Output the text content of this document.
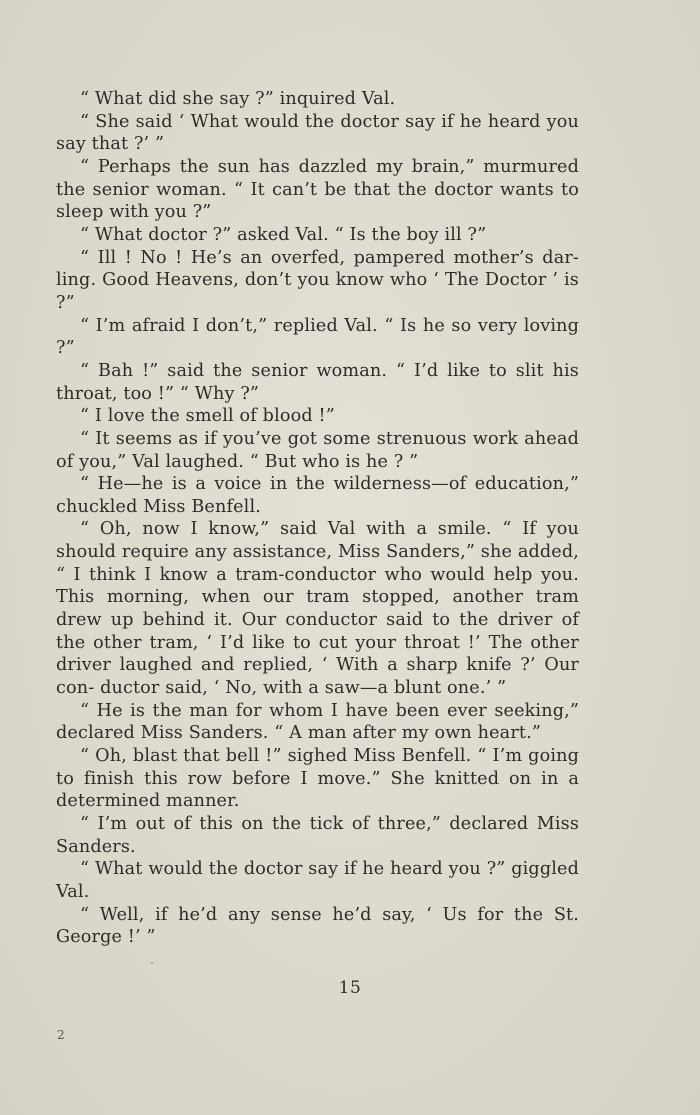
“ What did she say ?” inquired Val.

“ She said ‘ What would the doctor say if he heard you say that ?’ ”

“ Perhaps the sun has dazzled my brain,” murmured the senior woman. “ It can’t be that the doctor wants to sleep with you ?”

“ What doctor ?” asked Val. “ Is the boy ill ?”

“ Ill ! No ! He’s an overfed, pampered mother’s dar- ling. Good Heavens, don’t you know who ‘ The Doctor ’ is ?”

“ I’m afraid I don’t,” replied Val. “ Is he so very loving ?”

“ Bah !” said the senior woman. “ I’d like to slit his throat, too !” “ Why ?”

“ I love the smell of blood !”

“ It seems as if you’ve got some strenuous work ahead of you,” Val laughed. “ But who is he ? ”

“ He—he is a voice in the wilderness—of education,” chuckled Miss Benfell.

“ Oh, now I know,” said Val with a smile. “ If you should require any assistance, Miss Sanders,” she added, “ I think I know a tram-conductor who would help you. This morning, when our tram stopped, another tram drew up behind it. Our conductor said to the driver of the other tram, ‘ I’d like to cut your throat !’ The other driver laughed and replied, ‘ With a sharp knife ?’ Our con- ductor said, ‘ No, with a saw—a blunt one.’ ”

“ He is the man for whom I have been ever seeking,” declared Miss Sanders. “ A man after my own heart.”

“ Oh, blast that bell !” sighed Miss Benfell. “ I’m going to finish this row before I move.” She knitted on in a determined manner.

“ I’m out of this on the tick of three,” declared Miss Sanders.

“ What would the doctor say if he heard you ?” giggled Val.

“ Well, if he’d any sense he’d say, ‘ Us for the St. George !’ ”

15
2
